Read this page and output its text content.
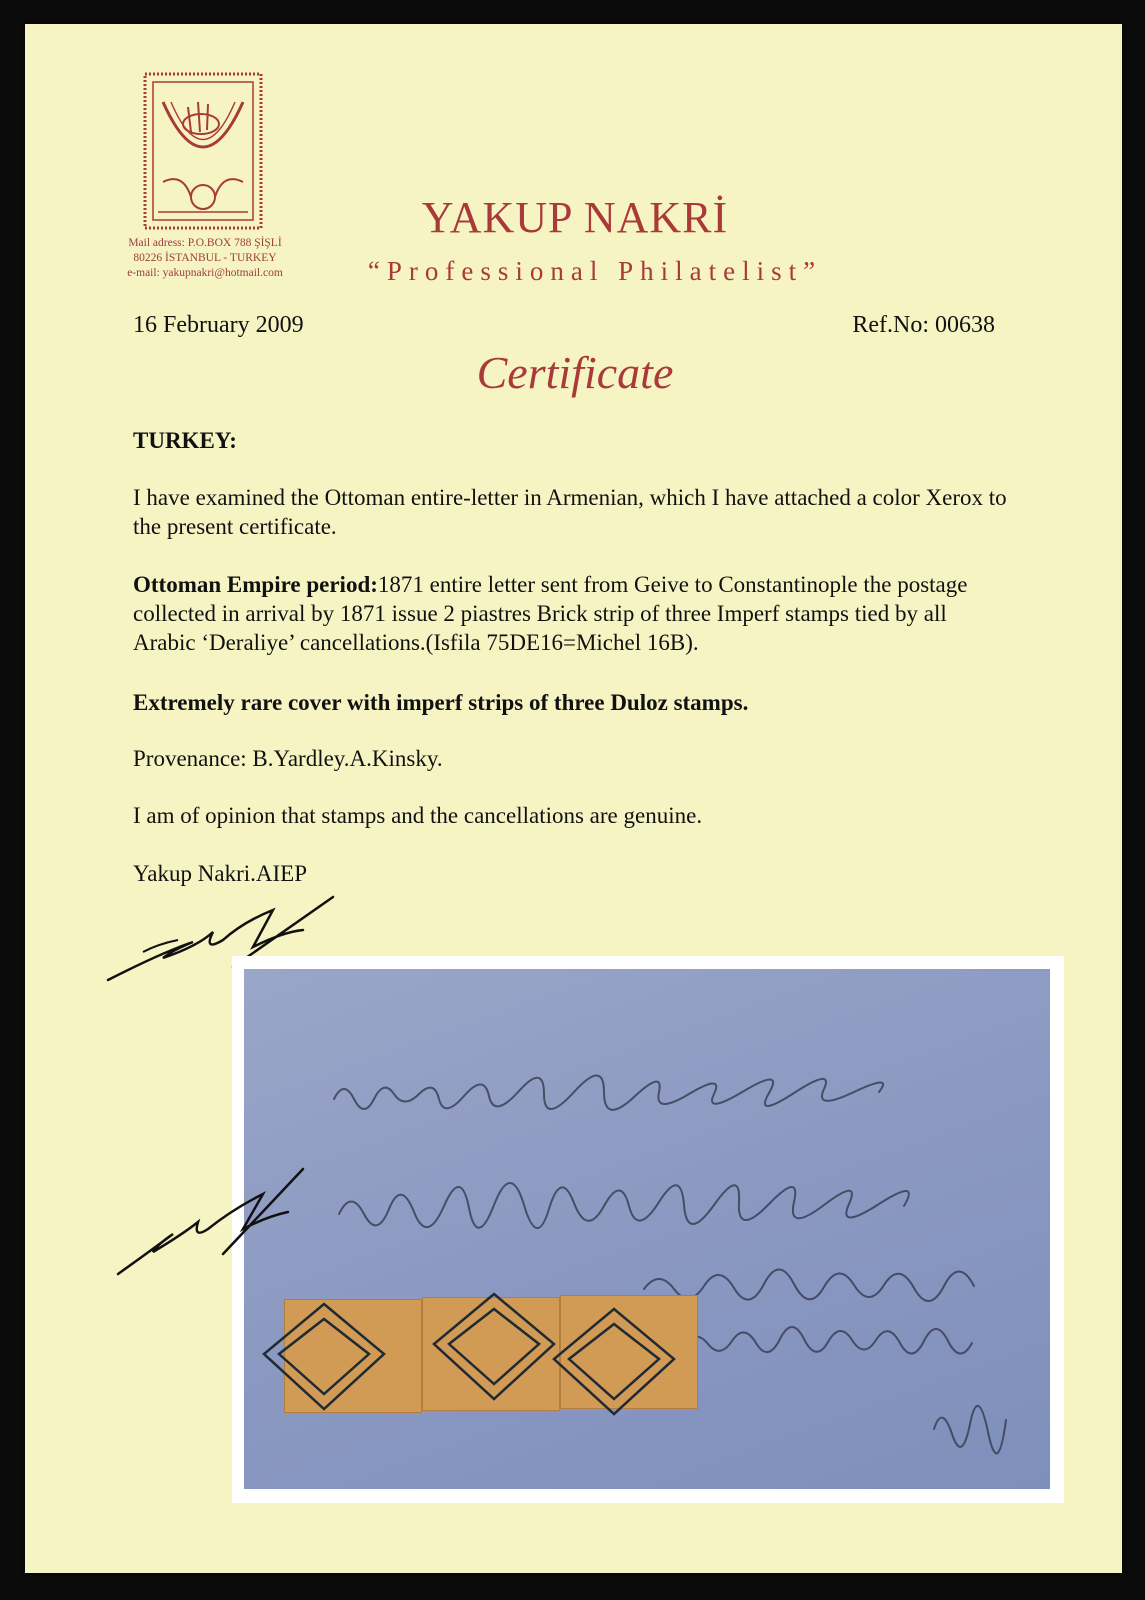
Mail adress: P.O.BOX 788 ŞİŞLİ
80226 İSTANBUL - TURKEY
e-mail: yakupnakri@hotmail.com
YAKUP NAKRİ
“Professional Philatelist”
16 February 2009	Ref.No: 00638
Certificate
TURKEY:
I have examined the Ottoman entire-letter in Armenian, which I have attached a color Xerox to the present certificate.
Ottoman Empire period:1871 entire letter sent from Geive to Constantinople the postage collected in arrival by 1871 issue 2 piastres Brick strip of three Imperf stamps tied by all Arabic ‘Deraliye’ cancellations.(Isfila 75DE16=Michel 16B).
Extremely rare cover with imperf strips of three Duloz stamps.
Provenance: B.Yardley.A.Kinsky.
I am of opinion that stamps and the cancellations are genuine.
Yakup Nakri.AIEP
